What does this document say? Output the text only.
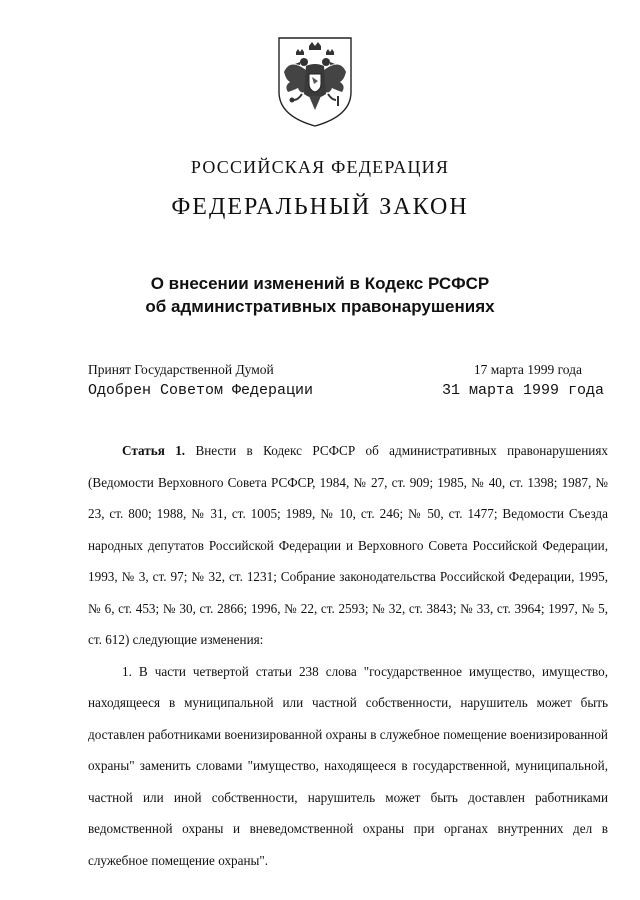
РОССИЙСКАЯ ФЕДЕРАЦИЯ
ФЕДЕРАЛЬНЫЙ ЗАКОН
О внесении изменений в Кодекс РСФСР
об административных правонарушениях
Принят Государственной Думой	17 марта 1999 года
Одобрен Советом Федерации	31 марта 1999 года

Статья 1. Внести в Кодекс РСФСР об административных правонарушениях (Ведомости Верховного Совета РСФСР, 1984, № 27, ст. 909; 1985, № 40, ст. 1398; 1987, № 23, ст. 800; 1988, № 31, ст. 1005; 1989, № 10, ст. 246; № 50, ст. 1477; Ведомости Съезда народных депутатов Российской Федерации и Верховного Совета Российской Федерации, 1993, № 3, ст. 97; № 32, ст. 1231; Собрание законодательства Российской Федерации, 1995, № 6, ст. 453; № 30, ст. 2866; 1996, № 22, ст. 2593; № 32, ст. 3843; № 33, ст. 3964; 1997, № 5, ст. 612) следующие изменения:

1. В части четвертой статьи 238 слова "государственное имущество, имущество, находящееся в муниципальной или частной собственности, нарушитель может быть доставлен работниками военизированной охраны в служебное помещение военизированной охраны" заменить словами "имущество, находящееся в государственной, муниципальной, частной или иной собственности, нарушитель может быть доставлен работниками ведомственной охраны и вневедомственной охраны при органах внутренних дел в служебное помещение охраны".
